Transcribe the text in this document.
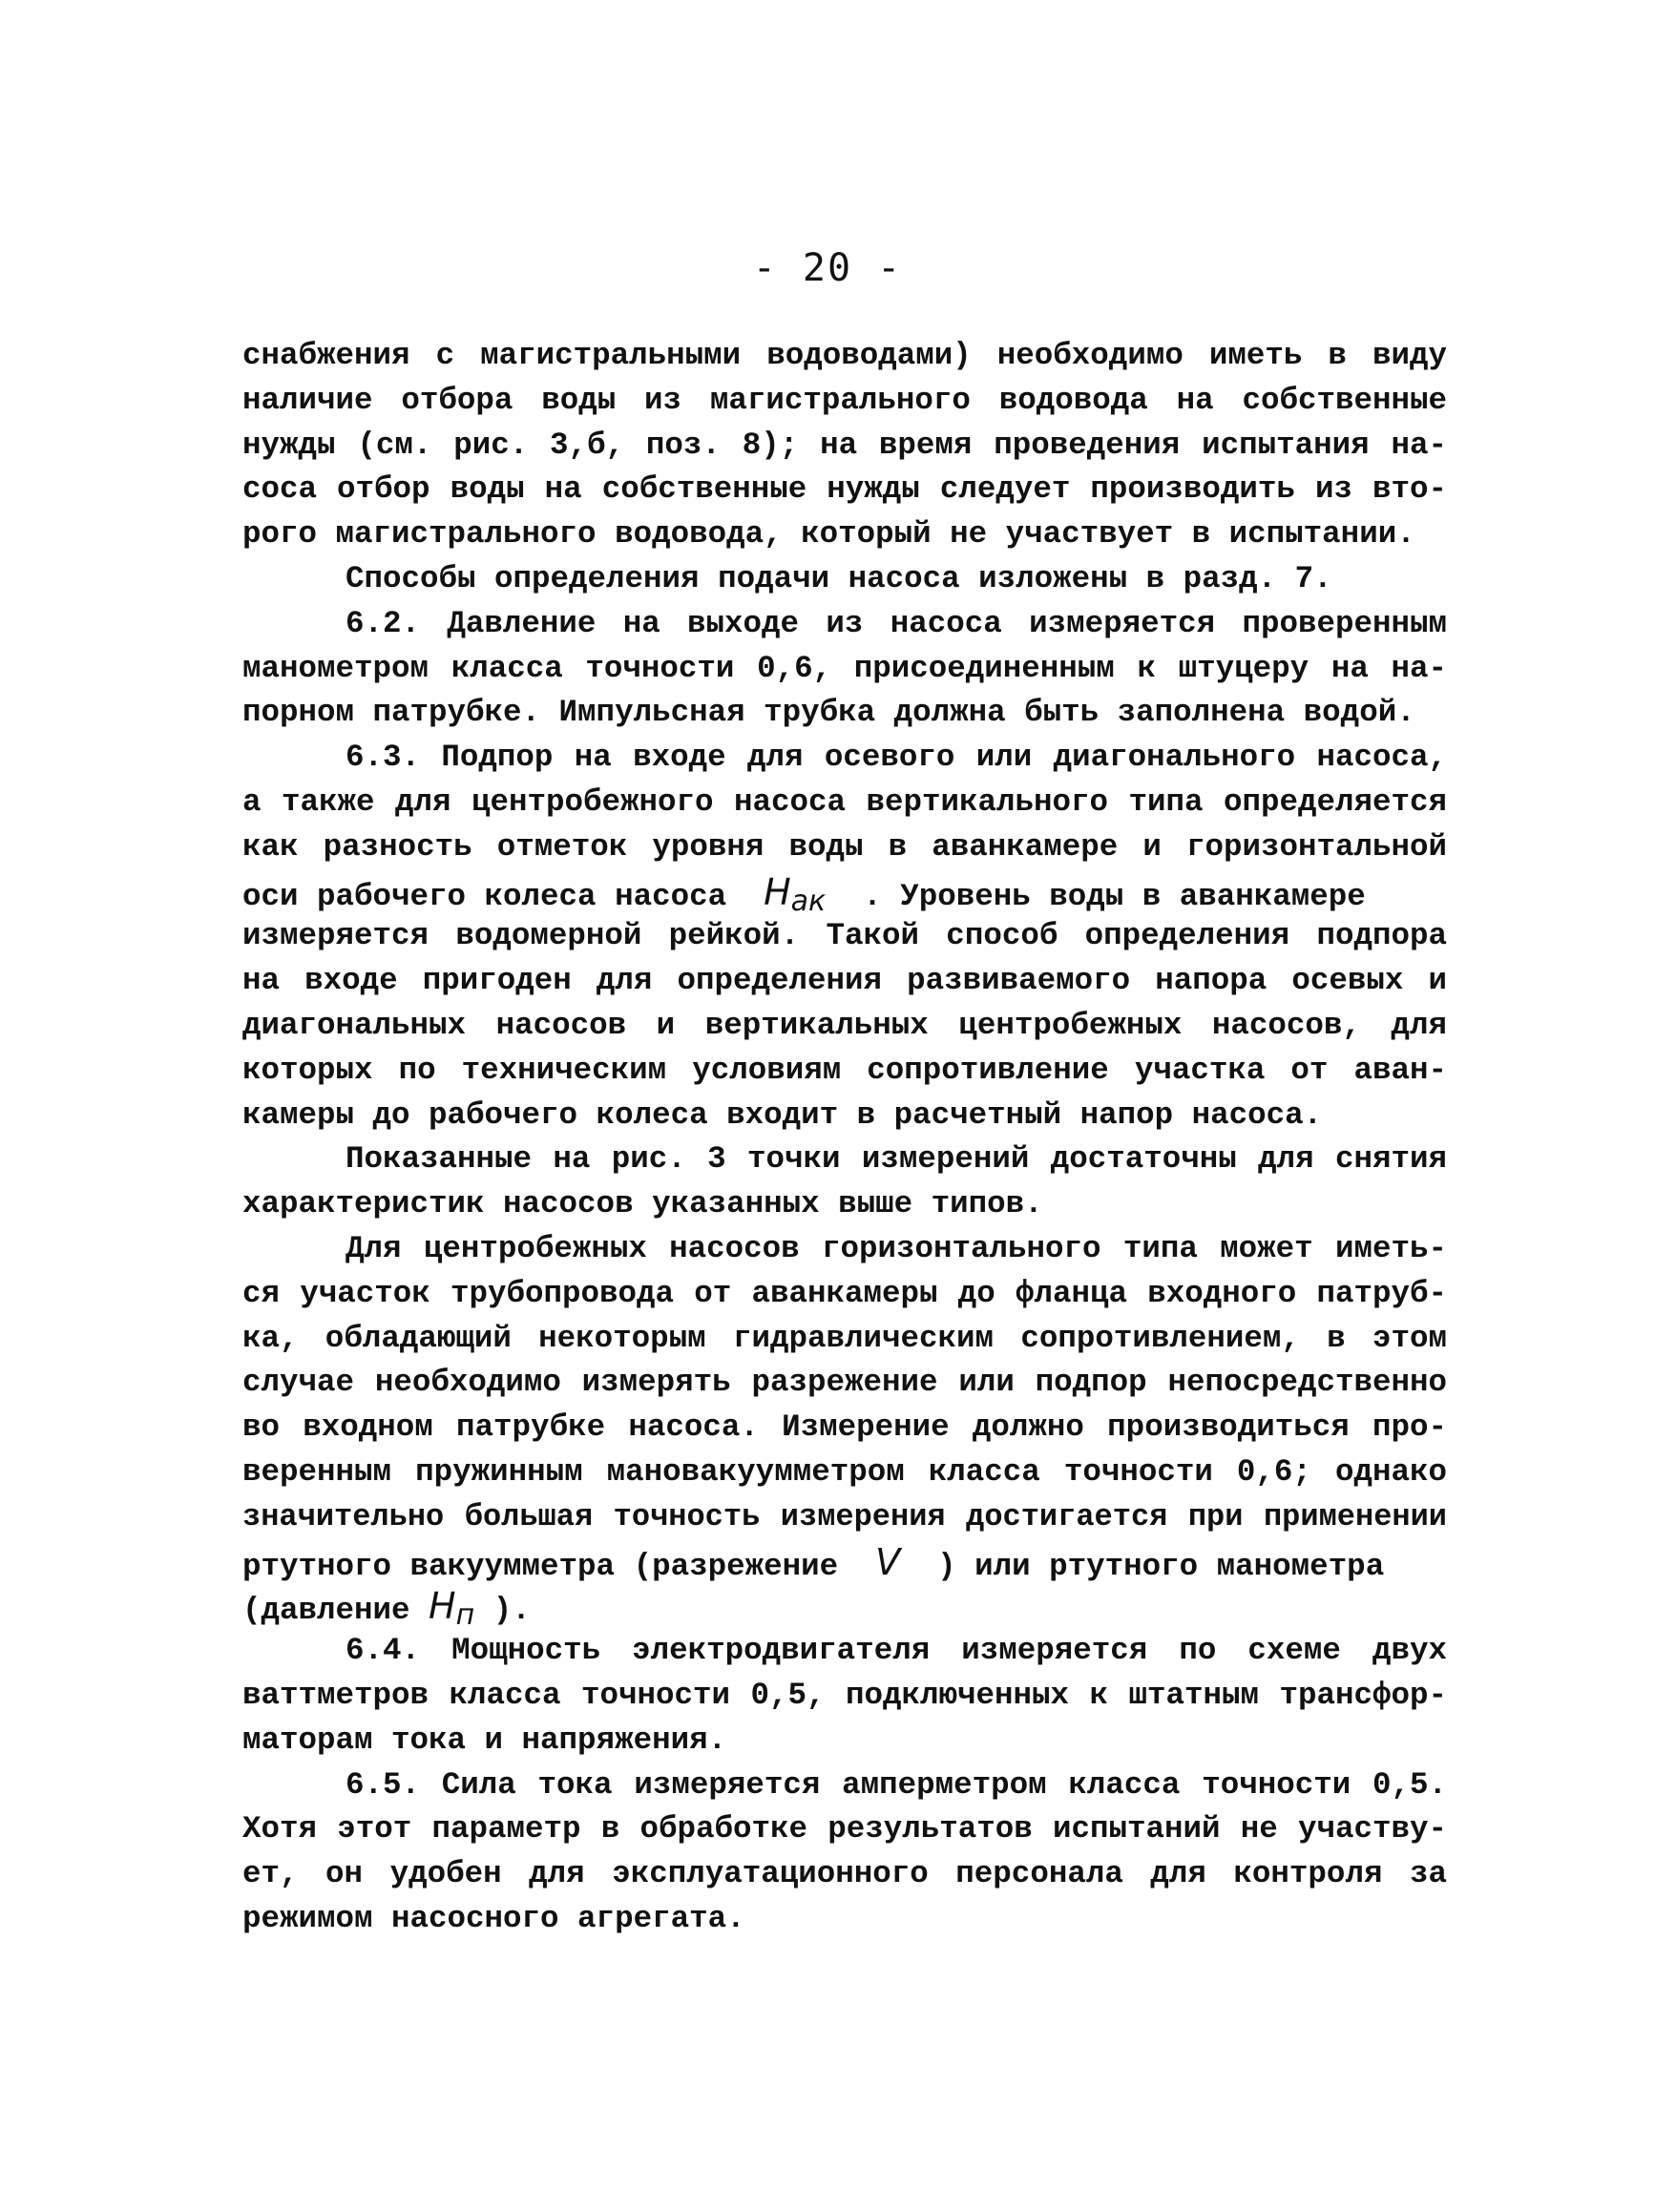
- 20 -
снабжения с магистральными водоводами) необходимо иметь в виду
наличие отбора воды из магистрального водовода на собственные
нужды (см. рис. 3,б, поз. 8); на время проведения испытания на-
соса отбор воды на собственные нужды следует производить из вто-
рого магистрального водовода, который не участвует в испытании.
Способы определения подачи насоса изложены в разд. 7.
6.2. Давление на выходе из насоса измеряется проверенным
манометром класса точности 0,6, присоединенным к штуцеру на на-
порном патрубке. Импульсная трубка должна быть заполнена водой.
6.3. Подпор на входе для осевого или диагонального насоса,
а также для центробежного насоса вертикального типа определяется
как разность отметок уровня воды в аванкамере и горизонтальной
оси рабочего колеса насоса  $H_{ак}$  . Уровень воды в аванкамере
измеряется водомерной рейкой. Такой способ определения подпора
на входе пригоден для определения развиваемого напора осевых и
диагональных насосов и вертикальных центробежных насосов, для
которых по техническим условиям сопротивление участка от аван-
камеры до рабочего колеса входит в расчетный напор насоса.
Показанные на рис. 3 точки измерений достаточны для снятия
характеристик насосов указанных выше типов.
Для центробежных насосов горизонтального типа может иметь-
ся участок трубопровода от аванкамеры до фланца входного патруб-
ка, обладающий некоторым гидравлическим сопротивлением, в этом
случае необходимо измерять разрежение или подпор непосредственно
во входном патрубке насоса. Измерение должно производиться про-
веренным пружинным мановакуумметром класса точности 0,6; однако
значительно большая точность измерения достигается при применении
ртутного вакуумметра (разрежение  V  ) или ртутного манометра
(давление $H_п$ ).
6.4. Мощность электродвигателя измеряется по схеме двух
ваттметров класса точности 0,5, подключенных к штатным трансфор-
маторам тока и напряжения.
6.5. Сила тока измеряется амперметром класса точности 0,5.
Хотя этот параметр в обработке результатов испытаний не участву-
ет, он удобен для эксплуатационного персонала для контроля за
режимом насосного агрегата.
